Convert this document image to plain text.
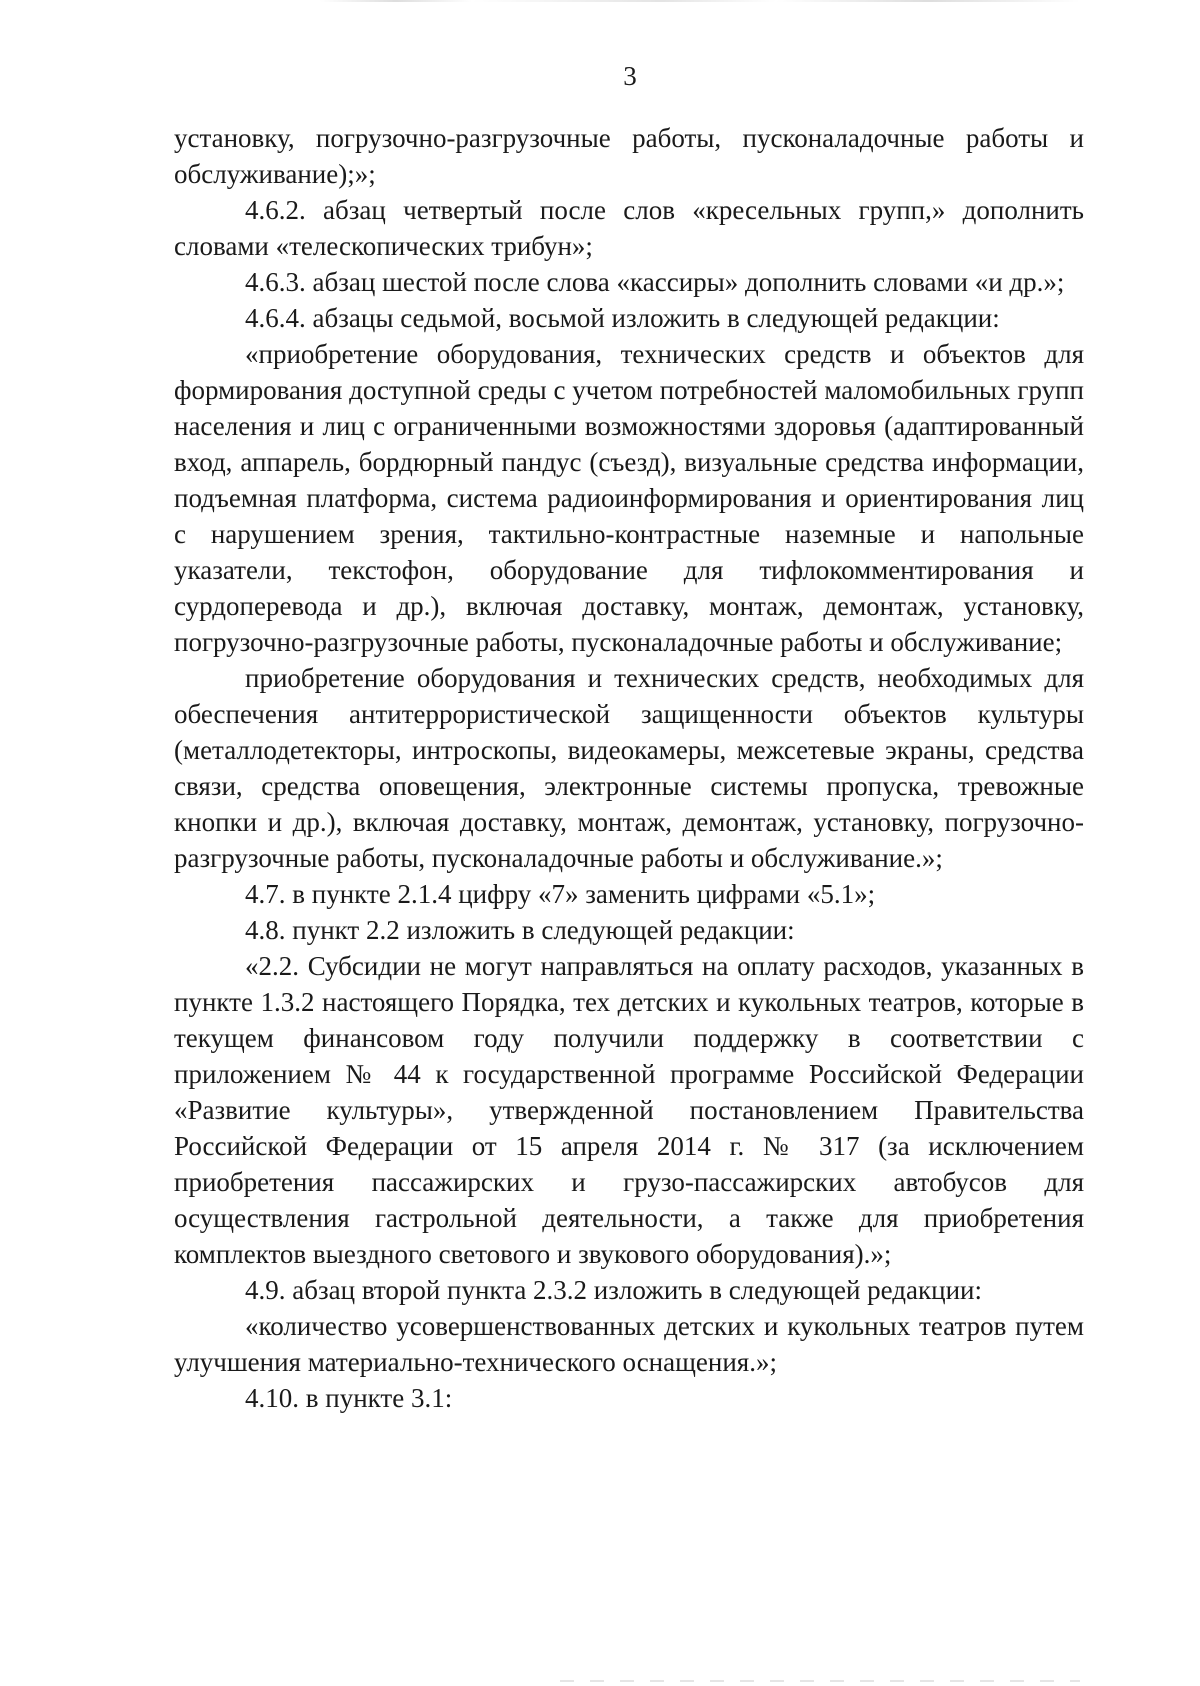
3

установку, погрузочно-разгрузочные работы, пусконаладочные работы и обслуживание);»;

4.6.2. абзац четвертый после слов «кресельных групп,» дополнить словами «телескопических трибун»;

4.6.3. абзац шестой после слова «кассиры» дополнить словами «и др.»;

4.6.4. абзацы седьмой, восьмой изложить в следующей редакции:

«приобретение оборудования, технических средств и объектов для формирования доступной среды с учетом потребностей маломобильных групп населения и лиц с ограниченными возможностями здоровья (адаптированный вход, аппарель, бордюрный пандус (съезд), визуальные средства информации, подъемная платформа, система радиоинформирования и ориентирования лиц с нарушением зрения, тактильно-контрастные наземные и напольные указатели, текстофон, оборудование для тифлокомментирования и сурдоперевода и др.), включая доставку, монтаж, демонтаж, установку, погрузочно-разгрузочные работы, пусконаладочные работы и обслуживание;

приобретение оборудования и технических средств, необходимых для обеспечения антитеррористической защищенности объектов культуры (металлодетекторы, интроскопы, видеокамеры, межсетевые экраны, средства связи, средства оповещения, электронные системы пропуска, тревожные кнопки и др.), включая доставку, монтаж, демонтаж, установку, погрузочно-разгрузочные работы, пусконаладочные работы и обслуживание.»;

4.7. в пункте 2.1.4 цифру «7» заменить цифрами «5.1»;

4.8. пункт 2.2 изложить в следующей редакции:

«2.2. Субсидии не могут направляться на оплату расходов, указанных в пункте 1.3.2 настоящего Порядка, тех детских и кукольных театров, которые в текущем финансовом году получили поддержку в соответствии с приложением № 44 к государственной программе Российской Федерации «Развитие культуры», утвержденной постановлением Правительства Российской Федерации от 15 апреля 2014 г. № 317 (за исключением приобретения пассажирских и грузо-пассажирских автобусов для осуществления гастрольной деятельности, а также для приобретения комплектов выездного светового и звукового оборудования).»;

4.9. абзац второй пункта 2.3.2 изложить в следующей редакции:

«количество усовершенствованных детских и кукольных театров путем улучшения материально-технического оснащения.»;

4.10. в пункте 3.1:
